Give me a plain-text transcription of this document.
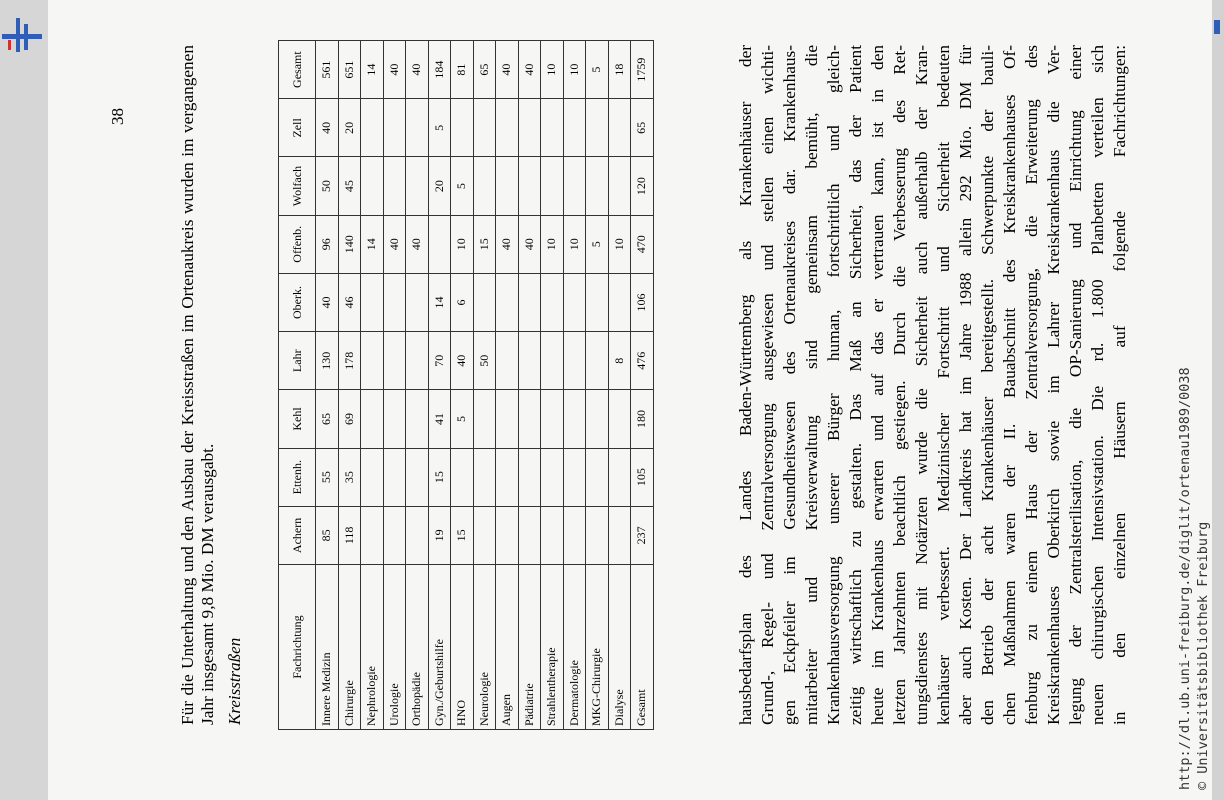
38	hausbedarfsplan des Landes Baden-Württemberg als Krankenhäuser der Grund-, Regel- und Zentralversorgung ausgewiesen und stellen einen wichti- gen Eckpfeiler im Gesundheitswesen des Ortenaukreises dar. Krankenhaus- mitarbeiter und Kreisverwaltung sind gemeinsam bemüht, die Krankenhausversorgung unserer Bürger human, fortschrittlich und gleich- zeitig wirtschaftlich zu gestalten. Das Maß an Sicherheit, das der Patient heute im Krankenhaus erwarten und auf das er vertrauen kann, ist in den letzten Jahrzehnten beachtlich gestiegen. Durch die Verbesserung des Ret- tungsdienstes mit Notärzten wurde die Sicherheit auch außerhalb der Kran- kenhäuser verbessert. Medizinischer Fortschritt und Sicherheit bedeuten aber auch Kosten. Der Landkreis hat im Jahre 1988 allein 292 Mio. DM für den Betrieb der acht Krankenhäuser bereitgestellt. Schwerpunkte der bauli- chen Maßnahmen waren der II. Bauabschnitt des Kreiskrankenhauses Of- fenburg zu einem Haus der Zentralversorgung, die Erweiterung des Kreiskrankenhauses Oberkirch sowie im Lahrer Kreiskrankenhaus die Ver- legung der Zentralsterilisation, die OP-Sanierung und Einrichtung einer neuen chirurgischen Intensivstation. Die rd. 1.800 Planbetten verteilen sich in den einzelnen Häusern auf folgende Fachrichtungen:
Fachrichtung	Achern	Ettenh.	Kehl	Lahr	Oberk.	Offenb.	Wolfach	Zell	Gesamt
Innere Medizin	85	55	65	130	40	96	50	40	561
Chirurgie	118	35	69	178	46	140	45	20	651
Nephrologie						14			14
Urologie						40			40
Orthopädie						40			40
Gyn./Geburtshilfe	19	15	41	70	14		20	5	184
HNO	15		5	40	6	10	5		81
Neurologie				50		15			65
Augen						40			40
Pädiatrie						40			40
Strahlentherapie						10			10
Dermatologie						10			10
MKG-Chirurgie						5			5
Dialyse				8		10			18
Gesamt	237	105	180	476	106	470	120	65	1759
Kreisstraßen
Für die Unterhaltung und den Ausbau der Kreisstraßen im Ortenaukreis wurden im vergangenen Jahr insgesamt 9,8 Mio. DM verausgabt.	http://dl.ub.uni-freiburg.de/diglit/ortenau1989/0038 © Universitätsbibliothek Freiburg
